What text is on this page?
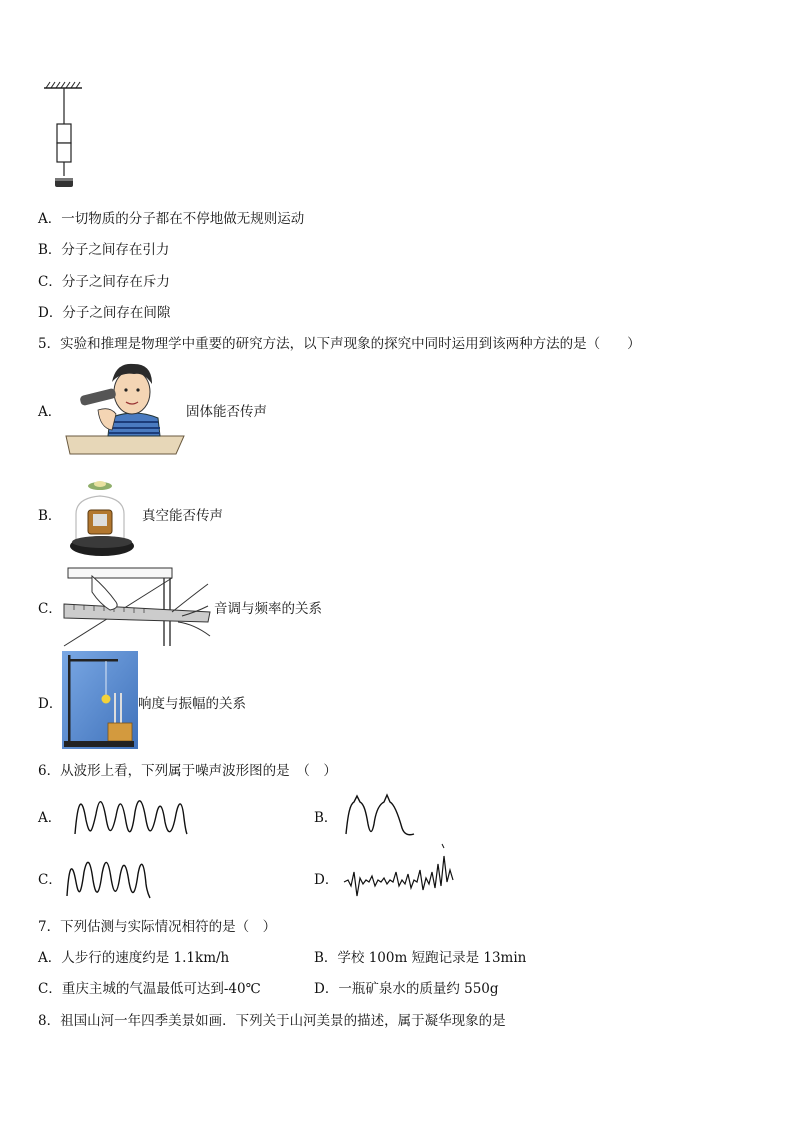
A．一切物质的分子都在不停地做无规则运动
B．分子之间存在引力
C．分子之间存在斥力
D．分子之间存在间隙
5．实验和推理是物理学中重要的研究方法，以下声现象的探究中同时运用到该两种方法的是（　　）
A．	固体能否传声
B．	真空能否传声
C．	音调与频率的关系
D．	响度与振幅的关系
6．从波形上看，下列属于噪声波形图的是　（　）
A．	B．
C．	D．
7．下列估测与实际情况相符的是（　）
A．人步行的速度约是 1.1km/h	B．学校 100m 短跑记录是 13min
C．重庆主城的气温最低可达到-40℃	D．一瓶矿泉水的质量约 550g
8．祖国山河一年四季美景如画．下列关于山河美景的描述，属于凝华现象的是
